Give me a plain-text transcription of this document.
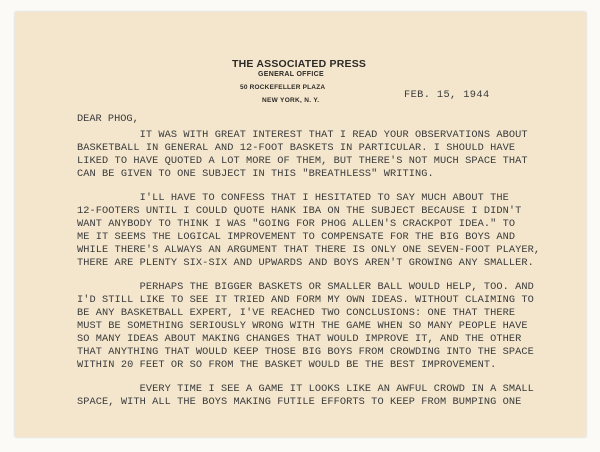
THE ASSOCIATED PRESS
GENERAL OFFICE
50 ROCKEFELLER PLAZA
NEW YORK, N. Y.	FEB. 15, 1944
DEAR PHOG,
IT WAS WITH GREAT INTEREST THAT I READ YOUR OBSERVATIONS ABOUT
BASKETBALL IN GENERAL AND 12-FOOT BASKETS IN PARTICULAR. I SHOULD HAVE
LIKED TO HAVE QUOTED A LOT MORE OF THEM, BUT THERE'S NOT MUCH SPACE THAT
CAN BE GIVEN TO ONE SUBJECT IN THIS "BREATHLESS" WRITING.
I'LL HAVE TO CONFESS THAT I HESITATED TO SAY MUCH ABOUT THE
12-FOOTERS UNTIL I COULD QUOTE HANK IBA ON THE SUBJECT BECAUSE I DIDN'T
WANT ANYBODY TO THINK I WAS "GOING FOR PHOG ALLEN'S CRACKPOT IDEA." TO
ME IT SEEMS THE LOGICAL IMPROVEMENT TO COMPENSATE FOR THE BIG BOYS AND
WHILE THERE'S ALWAYS AN ARGUMENT THAT THERE IS ONLY ONE SEVEN-FOOT PLAYER,
THERE ARE PLENTY SIX-SIX AND UPWARDS AND BOYS AREN'T GROWING ANY SMALLER.
PERHAPS THE BIGGER BASKETS OR SMALLER BALL WOULD HELP, TOO. AND
I'D STILL LIKE TO SEE IT TRIED AND FORM MY OWN IDEAS. WITHOUT CLAIMING TO
BE ANY BASKETBALL EXPERT, I'VE REACHED TWO CONCLUSIONS: ONE THAT THERE
MUST BE SOMETHING SERIOUSLY WRONG WITH THE GAME WHEN SO MANY PEOPLE HAVE
SO MANY IDEAS ABOUT MAKING CHANGES THAT WOULD IMPROVE IT, AND THE OTHER
THAT ANYTHING THAT WOULD KEEP THOSE BIG BOYS FROM CROWDING INTO THE SPACE
WITHIN 20 FEET OR SO FROM THE BASKET WOULD BE THE BEST IMPROVEMENT.
EVERY TIME I SEE A GAME IT LOOKS LIKE AN AWFUL CROWD IN A SMALL
SPACE, WITH ALL THE BOYS MAKING FUTILE EFFORTS TO KEEP FROM BUMPING ONE
